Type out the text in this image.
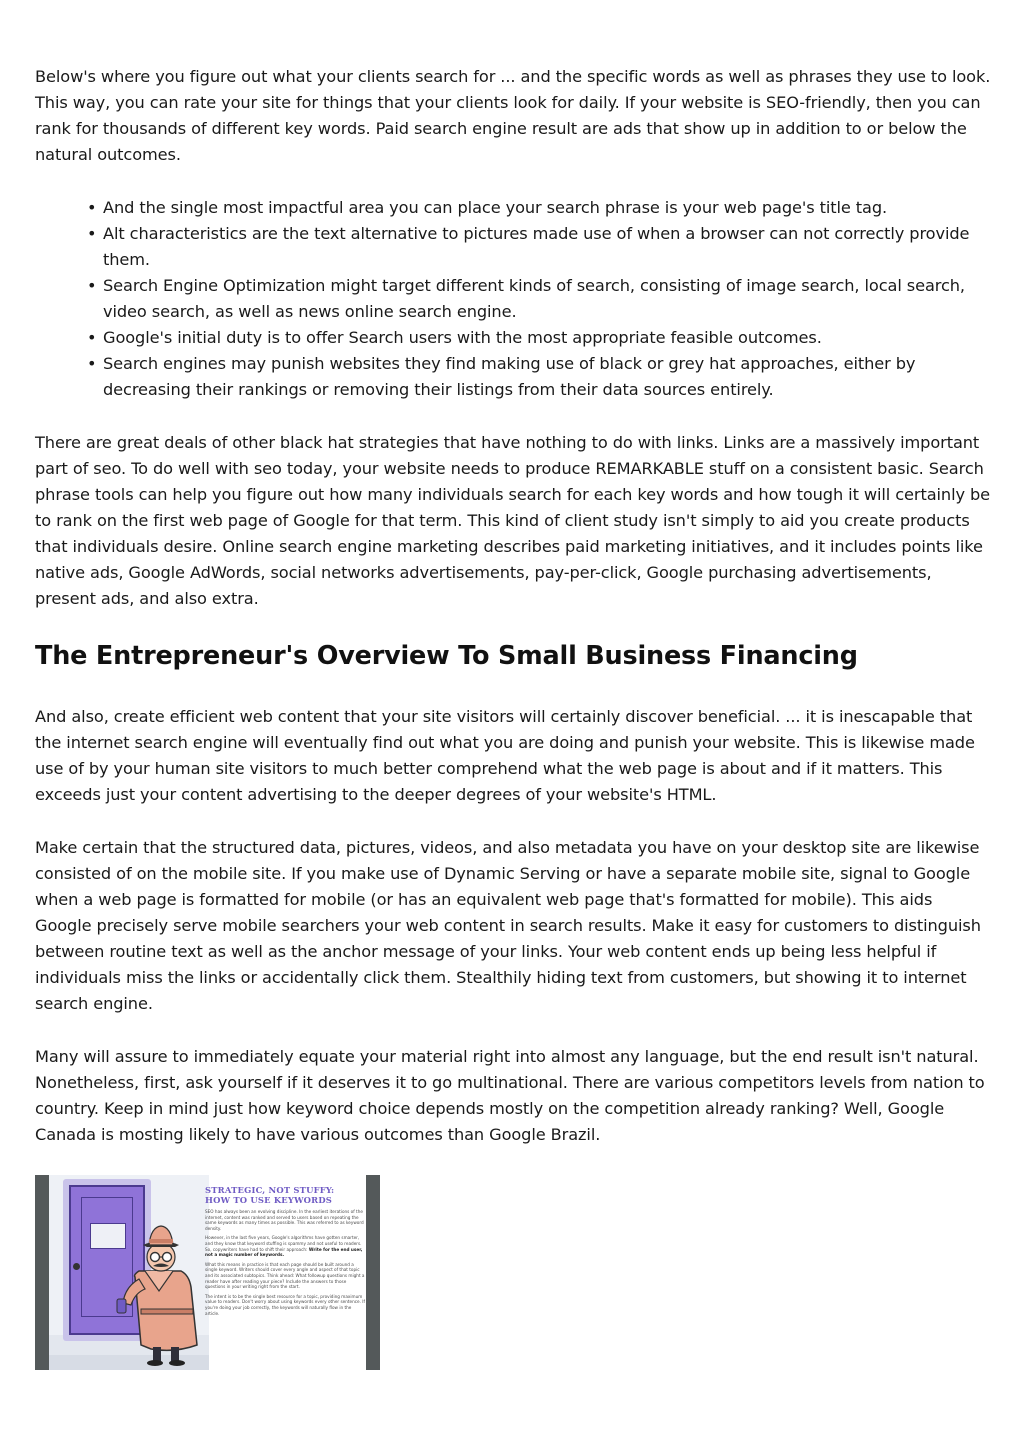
Below's where you figure out what your clients search for ... and the specific words as well as phrases they use to look. This way, you can rate your site for things that your clients look for daily. If your website is SEO-friendly, then you can rank for thousands of different key words. Paid search engine result are ads that show up in addition to or below the natural outcomes.

• And the single most impactful area you can place your search phrase is your web page's title tag.
• Alt characteristics are the text alternative to pictures made use of when a browser can not correctly provide them.
• Search Engine Optimization might target different kinds of search, consisting of image search, local search, video search, as well as news online search engine.
• Google's initial duty is to offer Search users with the most appropriate feasible outcomes.
• Search engines may punish websites they find making use of black or grey hat approaches, either by decreasing their rankings or removing their listings from their data sources entirely.

There are great deals of other black hat strategies that have nothing to do with links. Links are a massively important part of seo. To do well with seo today, your website needs to produce REMARKABLE stuff on a consistent basic. Search phrase tools can help you figure out how many individuals search for each key words and how tough it will certainly be to rank on the first web page of Google for that term. This kind of client study isn't simply to aid you create products that individuals desire. Online search engine marketing describes paid marketing initiatives, and it includes points like native ads, Google AdWords, social networks advertisements, pay-per-click, Google purchasing advertisements, present ads, and also extra.

The Entrepreneur's Overview To Small Business Financing

And also, create efficient web content that your site visitors will certainly discover beneficial. ... it is inescapable that the internet search engine will eventually find out what you are doing and punish your website. This is likewise made use of by your human site visitors to much better comprehend what the web page is about and if it matters. This exceeds just your content advertising to the deeper degrees of your website's HTML.

Make certain that the structured data, pictures, videos, and also metadata you have on your desktop site are likewise consisted of on the mobile site. If you make use of Dynamic Serving or have a separate mobile site, signal to Google when a web page is formatted for mobile (or has an equivalent web page that's formatted for mobile). This aids Google precisely serve mobile searchers your web content in search results. Make it easy for customers to distinguish between routine text as well as the anchor message of your links. Your web content ends up being less helpful if individuals miss the links or accidentally click them. Stealthily hiding text from customers, but showing it to internet search engine.

Many will assure to immediately equate your material right into almost any language, but the end result isn't natural. Nonetheless, first, ask yourself if it deserves it to go multinational. There are various competitors levels from nation to country. Keep in mind just how keyword choice depends mostly on the competition already ranking? Well, Google Canada is mosting likely to have various outcomes than Google Brazil.

STRATEGIC, NOT STUFFY:
HOW TO USE KEYWORDS
SEO has always been an evolving discipline. In the earliest iterations of the internet, content was ranked and served to users based on repeating the same keywords as many times as possible. This was referred to as keyword density.
However, in the last five years, Google's algorithms have gotten smarter, and they know that keyword stuffing is spammy and not useful to readers. So, copywriters have had to shift their approach: Write for the end user, not a magic number of keywords.
What this means in practice is that each page should be built around a single keyword. Writers should cover every angle and aspect of that topic and its associated subtopics. Think ahead: What followup questions might a reader have after reading your piece? Include the answers to those questions in your writing right from the start.
The intent is to be the single best resource for a topic, providing maximum value to readers. Don't worry about using keywords every other sentence. If you're doing your job correctly, the keywords will naturally flow in the article.
